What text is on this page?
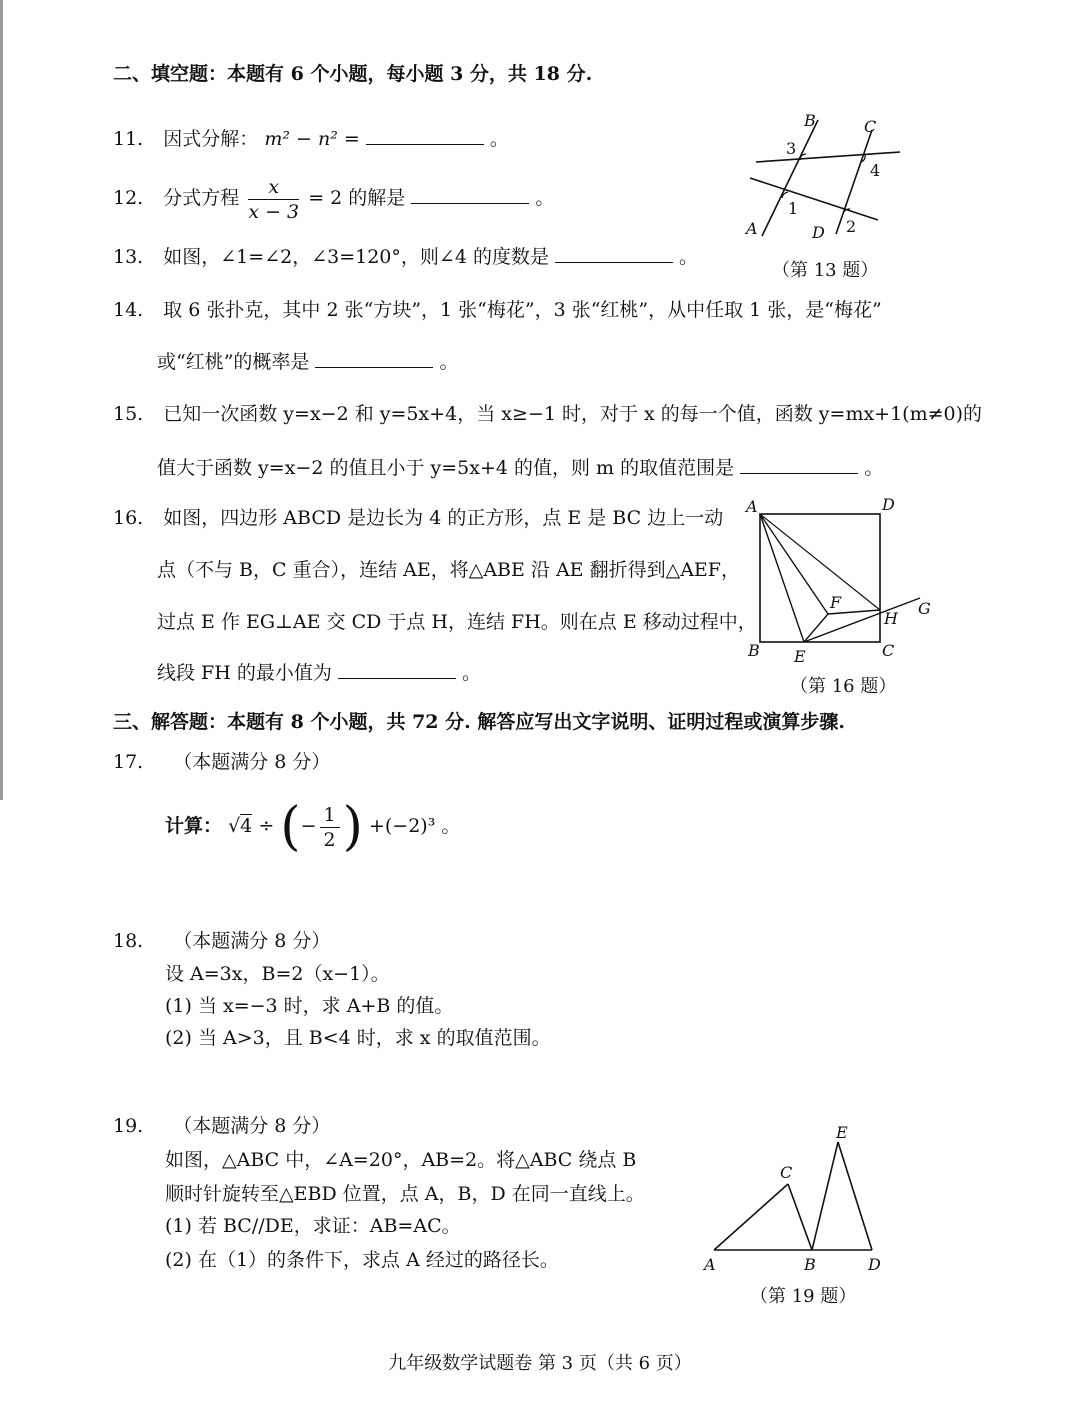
二、填空题：本题有 6 个小题，每小题 3 分，共 18 分.
11. 因式分解： m² − n² =	。
12. 分式方程 $\frac{x}{x - 3} = 2$ 的解是	。
13. 如图，∠1=∠2，∠3=120°，则∠4 的度数是	。
B	C
A	D
3
4
1
2
（第 13 题）
14. 取 6 张扑克，其中 2 张“方块”，1 张“梅花”，3 张“红桃”，从中任取 1 张，是“梅花”
或“红桃”的概率是	。
15. 已知一次函数 y=x−2 和 y=5x+4，当 x≥−1 时，对于 x 的每一个值，函数 y=mx+1(m≠0)的
值大于函数 y=x−2 的值且小于 y=5x+4 的值，则 m 的取值范围是	。
16. 如图，四边形 ABCD 是边长为 4 的正方形，点 E 是 BC 边上一动
点（不与 B，C 重合），连结 AE，将△ABE 沿 AE 翻折得到△AEF，
过点 E 作 EG⊥AE 交 CD 于点 H，连结 FH。则在点 E 移动过程中，
线段 FH 的最小值为	。
A	D
B	C
E
F	G
H
（第 16 题）
三、解答题：本题有 8 个小题，共 72 分. 解答应写出文字说明、证明过程或演算步骤.
17. （本题满分 8 分）
计算： √4 ÷ (− $\frac{1}{2}$ ) +(−2)³ 。
18. （本题满分 8 分）
设 A=3x，B=2（x−1）。
(1) 当 x=−3 时，求 A+B 的值。
(2) 当 A>3，且 B<4 时，求 x 的取值范围。
19. （本题满分 8 分）
如图，△ABC 中，∠A=20°，AB=2。将△ABC 绕点 B
顺时针旋转至△EBD 位置，点 A，B，D 在同一直线上。
(1) 若 BC//DE，求证：AB=AC。
(2) 在（1）的条件下，求点 A 经过的路径长。	A	B
C
D
E
（第 19 题）
九年级数学试题卷 第 3 页（共 6 页）
